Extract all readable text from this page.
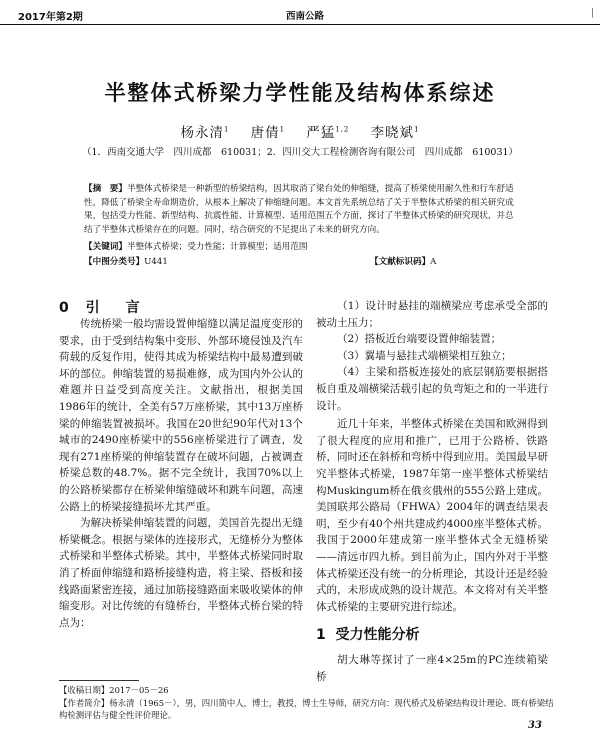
2017年第2期	西南公路	|
半整体式桥梁力学性能及结构体系综述
杨永清$^1$ 唐倩$^1$ 严猛$^{1,2}$ 李晓斌$^1$
（1．西南交通大学　四川成都　610031；2．四川交大工程检测咨询有限公司　四川成都　610031）

【摘　要】半整体式桥梁是一种新型的桥梁结构，因其取消了梁台处的伸缩缝，提高了桥梁使用耐久性和行车舒适性，降低了桥梁全寿命期造价，从根本上解决了伸缩缝问题。本文首先系统总结了关于半整体式桥梁的相关研究成果，包括受力性能、新型结构、抗震性能、计算模型、适用范围五个方面，探讨了半整体式桥梁的研究现状，并总结了半整体式桥梁存在的问题。同时，结合研究的不足提出了未来的研究方向。

【关键词】半整体式桥梁；受力性能；计算模型；适用范围
【中图分类号】U441	【文献标识码】A
0 引　言

传统桥梁一般均需设置伸缩缝以满足温度变形的要求，由于受到结构集中变形、外部环境侵蚀及汽车荷载的反复作用，使得其成为桥梁结构中最易遭到破坏的部位。伸缩装置的易损难修，成为国内外公认的难题并日益受到高度关注。文献指出，根据美国1986年的统计，全美有57万座桥梁，其中13万座桥梁的伸缩装置被损坏。我国在20世纪90年代对13个城市的2490座桥梁中的556座桥梁进行了调查，发现有271座桥梁的伸缩装置存在破坏问题，占被调查桥梁总数的48.7%。据不完全统计，我国70%以上的公路桥梁都存在桥梁伸缩缝破坏和跳车问题，高速公路上的桥梁接缝损坏尤其严重。

为解决桥梁伸缩装置的问题，美国首先提出无缝桥梁概念。根据与梁体的连接形式，无缝桥分为整体式桥梁和半整体式桥梁。其中，半整体式桥梁同时取消了桥面伸缩缝和路桥接缝构造，将主梁、搭板和接线路面紧密连接，通过加筋接缝路面来吸收梁体的伸缩变形。对比传统的有缝桥台，半整体式桥台梁的特点为：

（1）设计时悬挂的端横梁应考虑承受全部的被动土压力；

（2）搭板近台端要设置伸缩装置；

（3）翼墙与悬挂式端横梁相互独立；

（4）主梁和搭板连接处的底层钢筋要根据搭板自重及端横梁活载引起的负弯矩之和的一半进行设计。

近几十年来，半整体式桥梁在美国和欧洲得到了很大程度的应用和推广，已用于公路桥、铁路桥，同时还在斜桥和弯桥中得到应用。美国最早研究半整体式桥梁，1987年第一座半整体式桥梁结构Muskingum桥在俄亥俄州的555公路上建成。美国联邦公路局（FHWA）2004年的调查结果表明，至少有40个州共建成约4000座半整体式桥。我国于2000年建成第一座半整体式全无缝桥梁——清远市四九桥。到目前为止，国内外对于半整体式桥梁还没有统一的分析理论，其设计还是经验式的，未形成成熟的设计规范。本文将对有关半整体式桥梁的主要研究进行综述。

1 受力性能分析

胡大琳等探讨了一座4×25m的PC连续箱梁桥

【收稿日期】2017－05－26

【作者简介】杨永清（1965－），男，四川简中人，博士，教授，博士生导师，研究方向：现代桥式及桥梁结构设计理论、既有桥梁结构检测评估与健全性评价理论。

33
